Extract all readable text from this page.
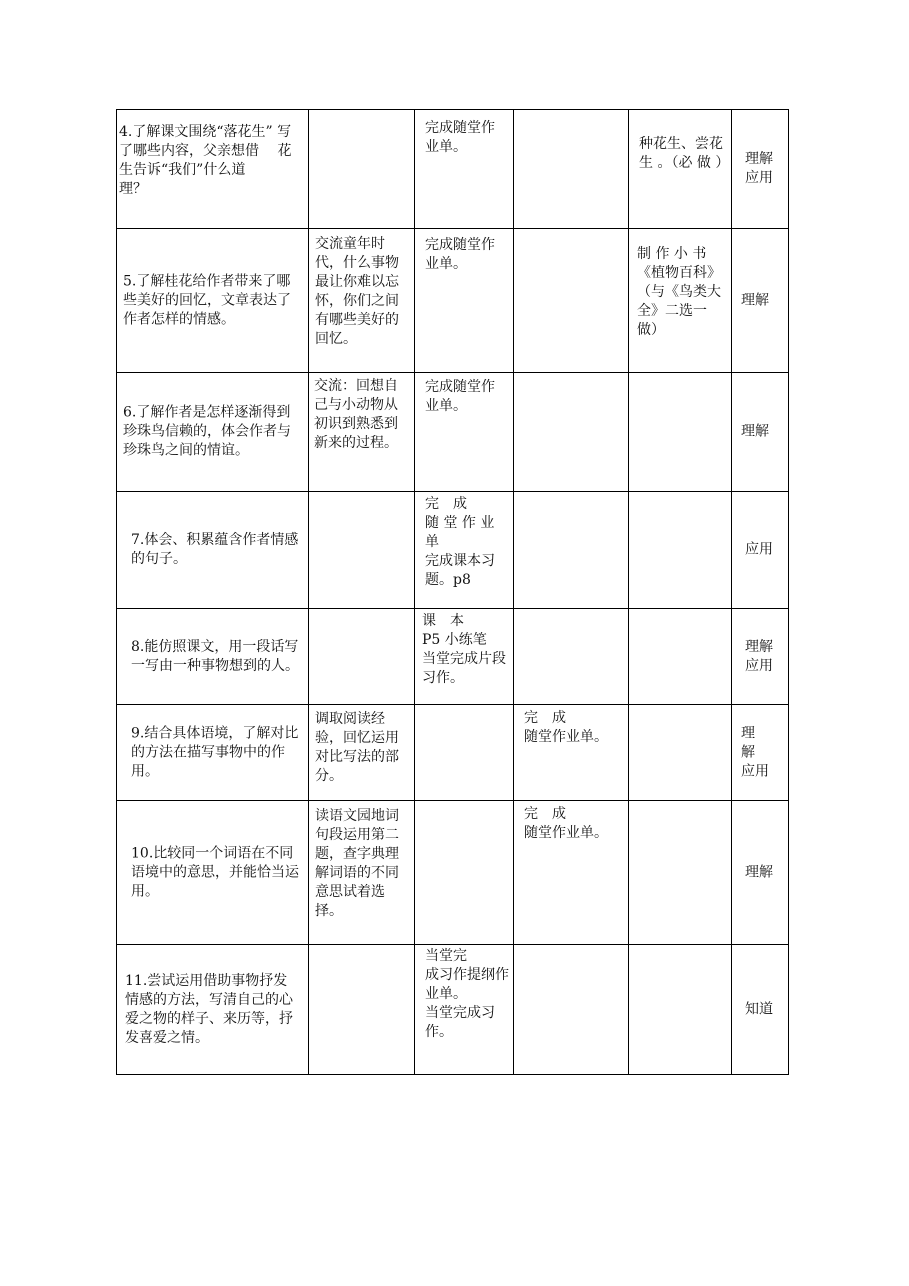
4.了解课文围绕“落花生” 写了哪些内容，父亲想借　 花生告诉“我们”什么道
理？
完成随堂作业单。	种花生、尝花 生 。（必 做 ） 理解
应用
5.了解桂花给作者带来了哪些美好的回忆，文章表达了作者怎样的情感。
交流童年时代，什么事物最让你难以忘怀，你们之间有哪些美好的回忆。
完成随堂作业单。
制 作 小 书 《植物百科》
（与《鸟类大全》二选一做）
理解
6.了解作者是怎样逐渐得到珍珠鸟信赖的，体会作者与珍珠鸟之间的情谊。
交流：回想自己与小动物从初识到熟悉到新来的过程。
完成随堂作业单。
理解
7.体会、积累蕴含作者情感的句子。
完　成
随 堂 作 业 单
完成课本习题。p8
应用
8.能仿照课文，用一段话写一写由一种事物想到的人。
课　本
P5 小练笔
当堂完成片段习作。
理解
应用
9.结合具体语境，了解对比的方法在描写事物中的作用。
调取阅读经验，回忆运用对比写法的部分。
完　成
随堂作业单。	理
解
应用
10.比较同一个词语在不同语境中的意思，并能恰当运用。
读语文园地词句段运用第二题，查字典理解词语的不同意思试着选择。
完　成
随堂作业单。
理解
11.尝试运用借助事物抒发情感的方法，写清自己的心爱之物的样子、来历等，抒发喜爱之情。
当堂完
成习作提纲作业单。
当堂完成习作。
知道
